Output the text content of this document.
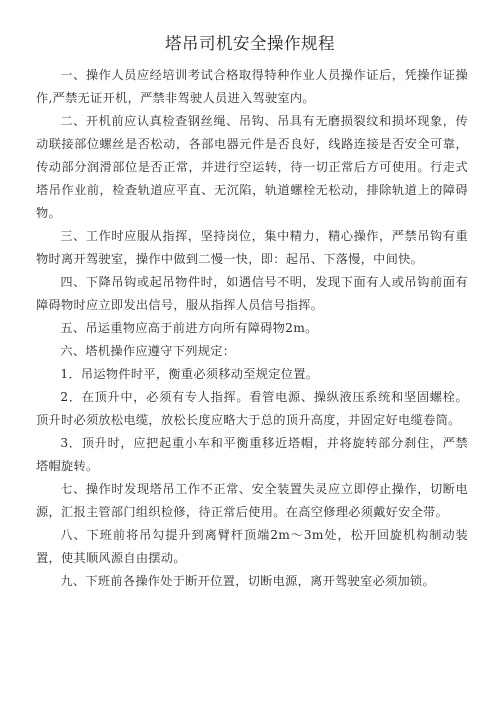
塔吊司机安全操作规程

一、操作人员应经培训考试合格取得特种作业人员操作证后，凭操作证操作,严禁无证开机，严禁非驾驶人员进入驾驶室内。

二、开机前应认真检查钢丝绳、吊钩、吊具有无磨损裂纹和损坏现象，传动联接部位螺丝是否松动，各部电器元件是否良好，线路连接是否安全可靠，传动部分润滑部位是否正常，并进行空运转，待一切正常后方可使用。行走式塔吊作业前，检查轨道应平直、无沉陷，轨道螺栓无松动，排除轨道上的障碍物。

三、工作时应服从指挥，坚持岗位，集中精力，精心操作，严禁吊钩有重物时离开驾驶室，操作中做到二慢一快，即：起吊、下落慢，中间快。

四、下降吊钩或起吊物件时，如遇信号不明，发现下面有人或吊钩前面有障碍物时应立即发出信号，服从指挥人员信号指挥。

五、吊运重物应高于前进方向所有障碍物2m。

六、塔机操作应遵守下列规定：

1．吊运物件时平，衡重必须移动至规定位置。

2．在顶升中，必须有专人指挥。看管电源、操纵液压系统和坚固螺栓。顶升时必须放松电缆，放松长度应略大于总的顶升高度，并固定好电缆卷筒。

3．顶升时，应把起重小车和平衡重移近塔帽，并将旋转部分刹住，严禁塔帽旋转。

七、操作时发现塔吊工作不正常、安全装置失灵应立即停止操作，切断电源，汇报主管部门组织检修，待正常后使用。在高空修理必须戴好安全带。

八、下班前将吊勾提升到离臂杆顶端2m～3m处，松开回旋机构制动装置，使其顺风源自由摆动。

九、下班前各操作处于断开位置，切断电源，离开驾驶室必须加锁。
